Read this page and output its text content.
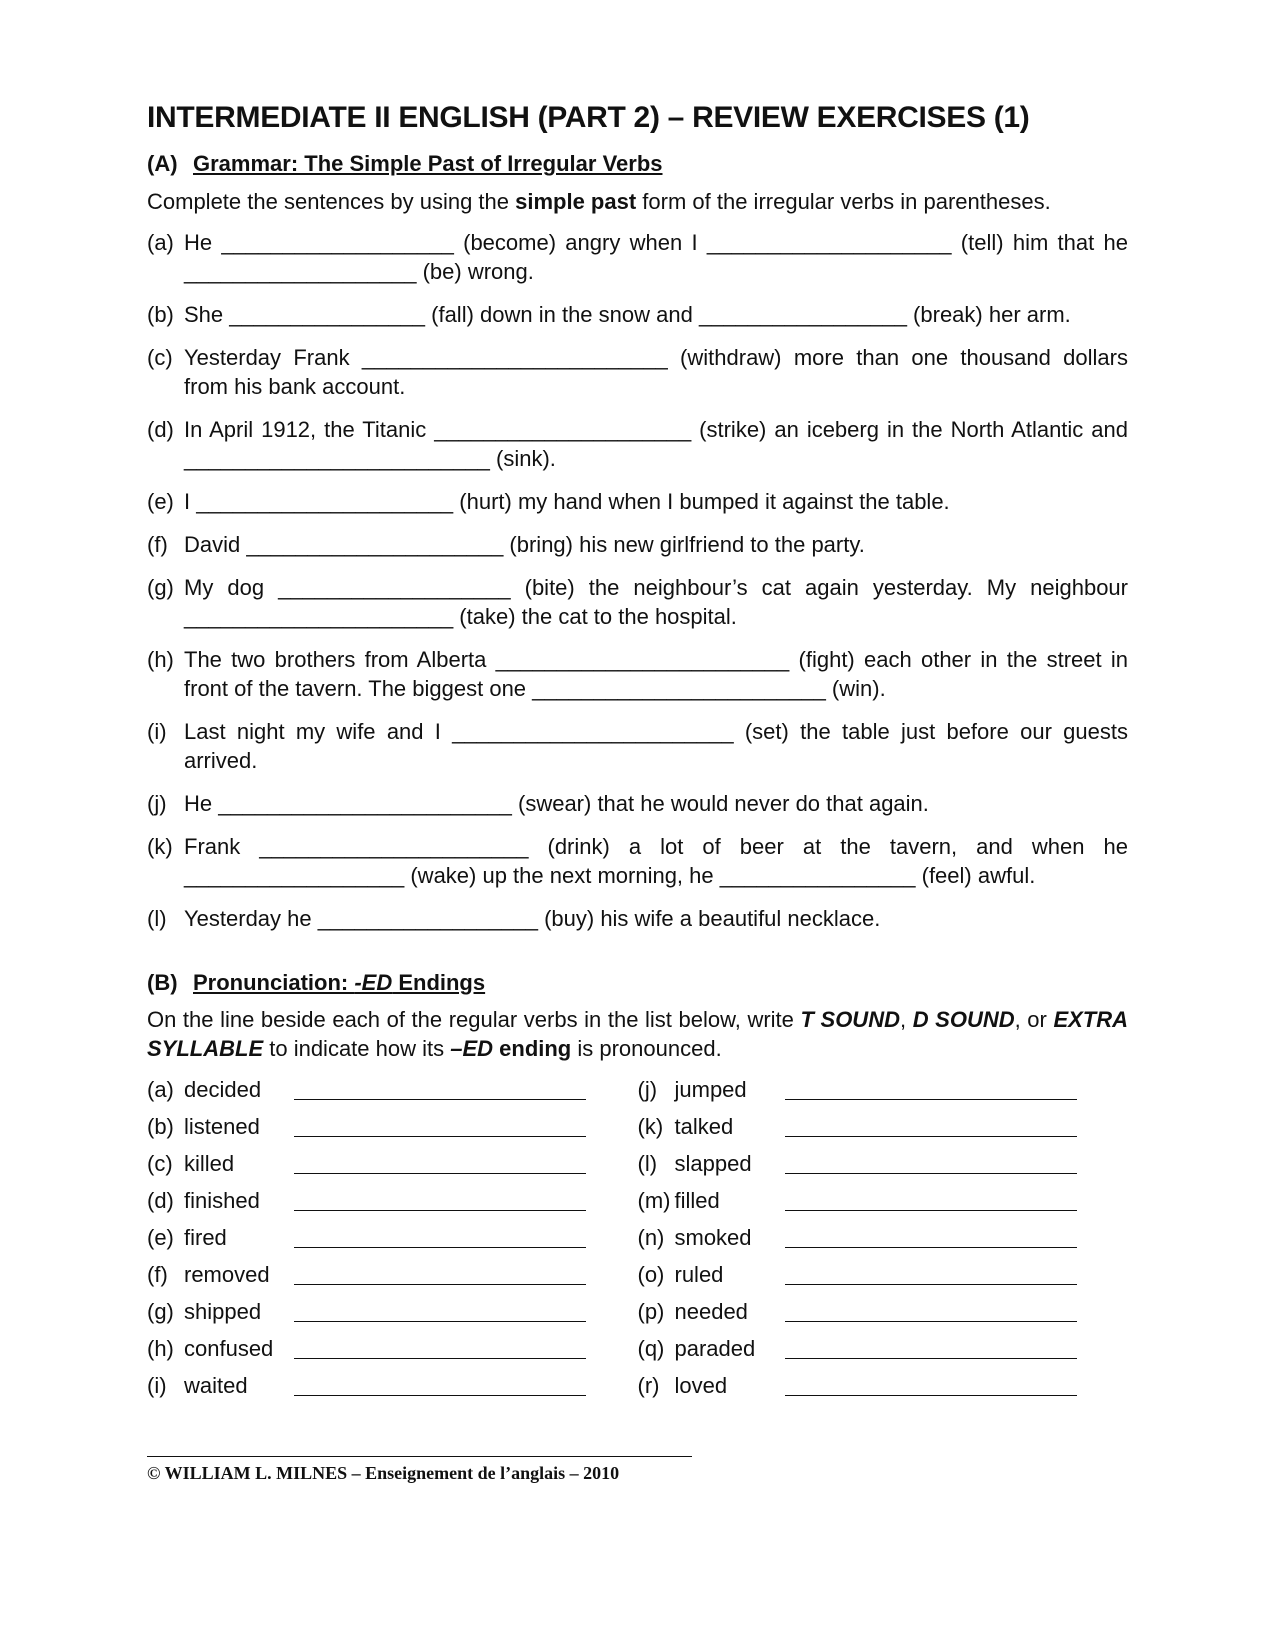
INTERMEDIATE II ENGLISH (PART 2) – REVIEW EXERCISES (1)
(A) Grammar: The Simple Past of Irregular Verbs
Complete the sentences by using the simple past form of the irregular verbs in parentheses.
(a) He ___________________ (become) angry when I ____________________ (tell) him that he ___________________ (be) wrong.
(b) She ________________ (fall) down in the snow and _________________ (break) her arm.
(c) Yesterday Frank _________________________ (withdraw) more than one thousand dollars from his bank account.
(d) In April 1912, the Titanic _____________________ (strike) an iceberg in the North Atlantic and _________________________ (sink).
(e) I _____________________ (hurt) my hand when I bumped it against the table.
(f) David _____________________ (bring) his new girlfriend to the party.
(g) My dog ___________________ (bite) the neighbour’s cat again yesterday. My neighbour ______________________ (take) the cat to the hospital.
(h) The two brothers from Alberta ________________________ (fight) each other in the street in front of the tavern. The biggest one ________________________ (win).
(i) Last night my wife and I _______________________ (set) the table just before our guests arrived.
(j) He ________________________ (swear) that he would never do that again.
(k) Frank ______________________ (drink) a lot of beer at the tavern, and when he __________________ (wake) up the next morning, he ________________ (feel) awful.
(l) Yesterday he __________________ (buy) his wife a beautiful necklace.
(B) Pronunciation: -ED Endings
On the line beside each of the regular verbs in the list below, write T SOUND, D SOUND, or EXTRA SYLLABLE to indicate how its –ED ending is pronounced.
(a) decided
(b) listened
(c) killed
(d) finished
(e) fired
(f) removed
(g) shipped
(h) confused
(i) waited
(j) jumped
(k) talked
(l) slapped
(m) filled
(n) smoked
(o) ruled
(p) needed
(q) paraded
(r) loved
© WILLIAM L. MILNES – Enseignement de l’anglais – 2010
